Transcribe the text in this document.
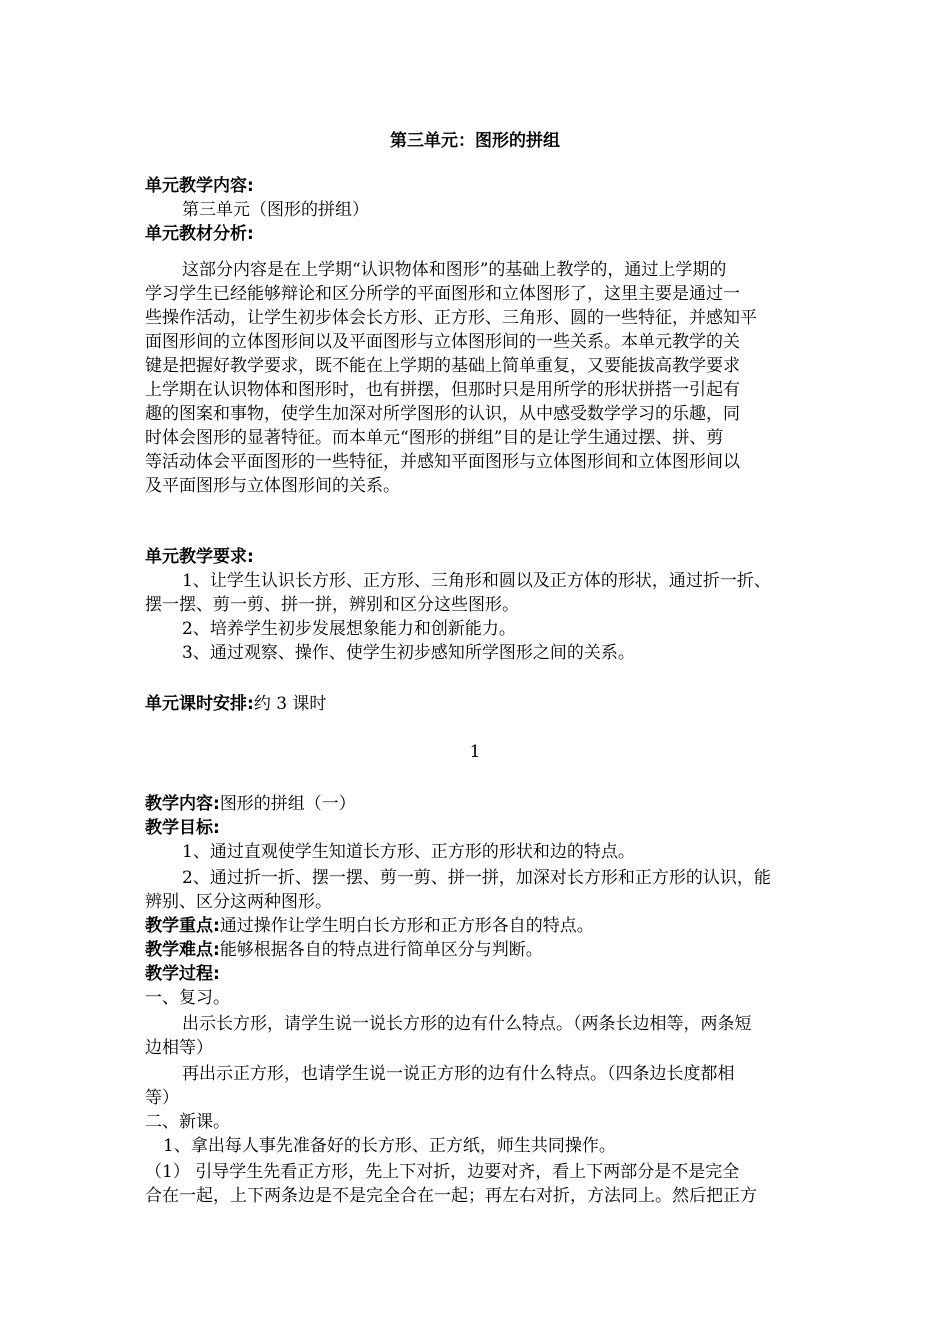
第三单元：图形的拼组
单元教学内容:
第三单元（图形的拼组）
单元教材分析:
这部分内容是在上学期“认识物体和图形”的基础上教学的，通过上学期的
学习学生已经能够辩论和区分所学的平面图形和立体图形了，这里主要是通过一
些操作活动，让学生初步体会长方形、正方形、三角形、圆的一些特征，并感知平
面图形间的立体图形间以及平面图形与立体图形间的一些关系。本单元教学的关
键是把握好教学要求，既不能在上学期的基础上简单重复，又要能拔高教学要求
上学期在认识物体和图形时，也有拼摆，但那时只是用所学的形状拼搭一引起有
趣的图案和事物，使学生加深对所学图形的认识，从中感受数学学习的乐趣，同
时体会图形的显著特征。而本单元“图形的拼组”目的是让学生通过摆、拼、剪
等活动体会平面图形的一些特征，并感知平面图形与立体图形间和立体图形间以
及平面图形与立体图形间的关系。
单元教学要求:
1、让学生认识长方形、正方形、三角形和圆以及正方体的形状，通过折一折、
摆一摆、剪一剪、拼一拼，辨别和区分这些图形。
2、培养学生初步发展想象能力和创新能力。
3、通过观察、操作、使学生初步感知所学图形之间的关系。
单元课时安排:约 3 课时
1
教学内容:图形的拼组（一）
教学目标:
1、通过直观使学生知道长方形、正方形的形状和边的特点。
2、通过折一折、摆一摆、剪一剪、拼一拼，加深对长方形和正方形的认识，能
辨别、区分这两种图形。
教学重点:通过操作让学生明白长方形和正方形各自的特点。
教学难点:能够根据各自的特点进行简单区分与判断。
教学过程:
一、复习。
出示长方形，请学生说一说长方形的边有什么特点。（两条长边相等，两条短
边相等）
再出示正方形，也请学生说一说正方形的边有什么特点。（四条边长度都相
等）
二、新课。
1、拿出每人事先准备好的长方形、正方纸，师生共同操作。
（1） 引导学生先看正方形，先上下对折，边要对齐，看上下两部分是不是完全
合在一起，上下两条边是不是完全合在一起；再左右对折，方法同上。然后把正方
